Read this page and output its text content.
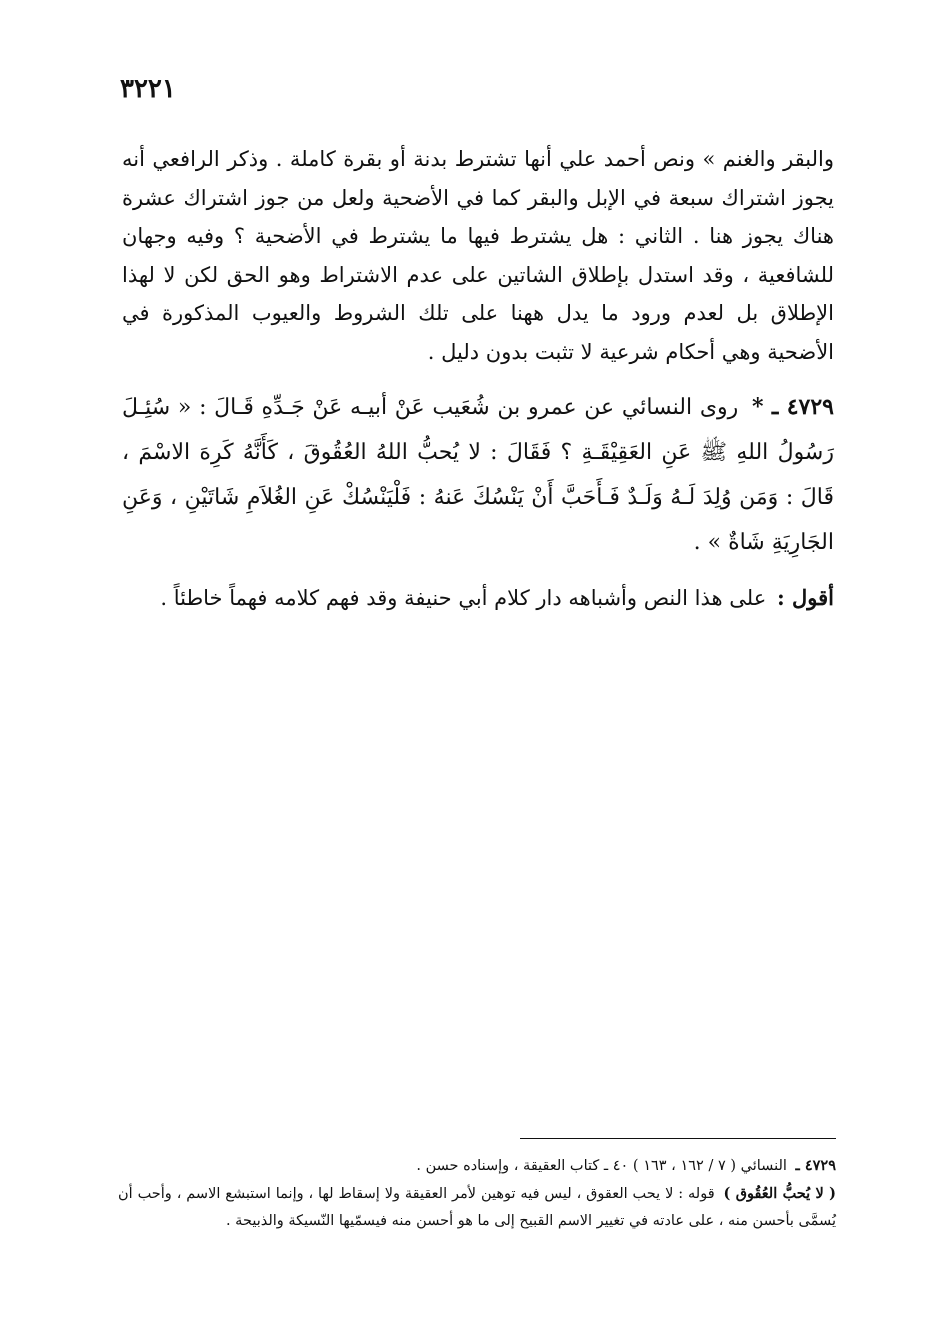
٣٢٢١

والبقر والغنم » ونص أحمد علي أنها تشترط بدنة أو بقرة كاملة . وذكر الرافعي أنه يجوز اشتراك سبعة في الإبل والبقر كما في الأضحية ولعل من جوز اشتراك عشرة هناك يجوز هنا . الثاني : هل يشترط فيها ما يشترط في الأضحية ؟ وفيه وجهان للشافعية ، وقد استدل بإطلاق الشاتين على عدم الاشتراط وهو الحق لكن لا لهذا الإطلاق بل لعدم ورود ما يدل ههنا على تلك الشروط والعيوب المذكورة في الأضحية وهي أحكام شرعية لا تثبت بدون دليل .

٤٧٢٩ ـ * روى النسائي عن عمرو بن شُعَيب عَنْ أبيـه عَنْ جَـدِّهِ قَـالَ : « سُئِـلَ رَسُولُ اللهِ ﷺ عَنِ العَقِيْقَـةِ ؟ فَقَالَ : لا يُحبُّ اللهُ العُقُوقَ ، كَأَنَّهُ كَرِهَ الاسْمَ ، قَالَ : وَمَن وُلِدَ لَـهُ وَلَـدٌ فَـأَحَبَّ أَنْ يَنْسُكَ عَنهُ : فَلْيَنْسُكْ عَنِ الغُلاَمِ شَاتَيْنِ ، وَعَنِ الجَارِيَةِ شَاةٌ » .

أقول : على هذا النص وأشباهه دار كلام أبي حنيفة وقد فهم كلامه فهماً خاطئاً .

٤٧٢٩ ـ النسائي ( ٧ / ١٦٢ ، ١٦٣ ) ٤٠ ـ كتاب العقيقة ، وإسناده حسن .

( لا يُحبُّ العُقُوق ) قوله : لا يحب العقوق ، ليس فيه توهين لأمر العقيقة ولا إسقاط لها ، وإنما استبشع الاسم ، وأحب أن يُسمَّى بأحسن منه ، على عادته في تغيير الاسم القبيح إلى ما هو أحسن منه فيسمّيها النّسيكة والذبيحة .
